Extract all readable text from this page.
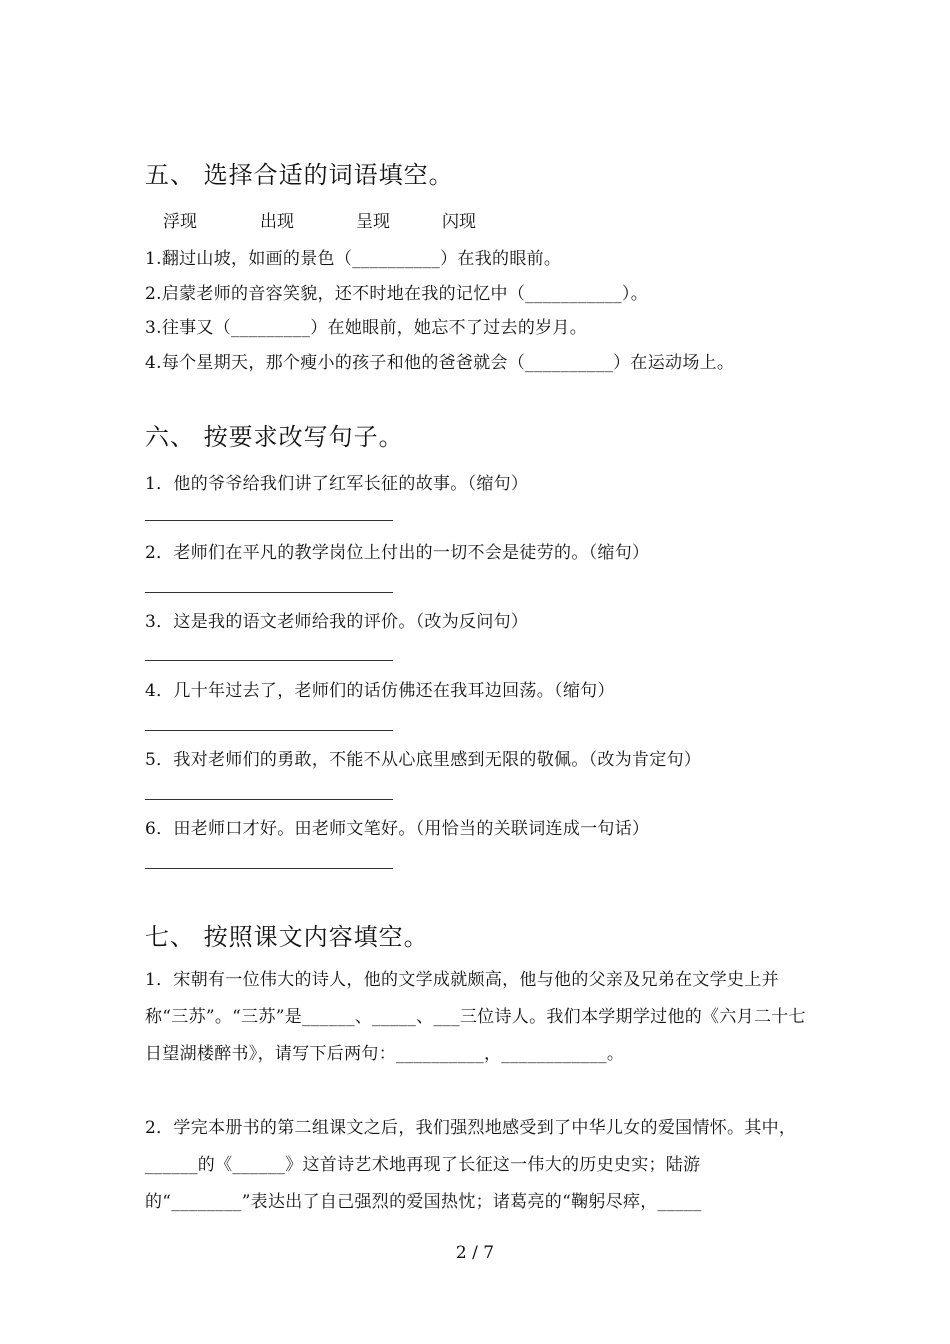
五、 选择合适的词语填空。
浮现	出现	呈现	闪现
1.翻过山坡，如画的景色（__________）在我的眼前。
2.启蒙老师的音容笑貌，还不时地在我的记忆中（___________）。
3.往事又（_________）在她眼前，她忘不了过去的岁月。
4.每个星期天，那个瘦小的孩子和他的爸爸就会（__________）在运动场上。
六、 按要求改写句子。
1．他的爷爷给我们讲了红军长征的故事。（缩句）
2．老师们在平凡的教学岗位上付出的一切不会是徒劳的。（缩句）
3．这是我的语文老师给我的评价。（改为反问句）
4．几十年过去了，老师们的话仿佛还在我耳边回荡。（缩句）
5．我对老师们的勇敢，不能不从心底里感到无限的敬佩。（改为肯定句）
6．田老师口才好。田老师文笔好。（用恰当的关联词连成一句话）
七、 按照课文内容填空。
1．宋朝有一位伟大的诗人，他的文学成就颇高，他与他的父亲及兄弟在文学史上并称“三苏”。“三苏”是______、_____、___三位诗人。我们本学期学过他的《六月二十七日望湖楼醉书》，请写下后两句：__________，____________。
2．学完本册书的第二组课文之后，我们强烈地感受到了中华儿女的爱国情怀。其中，______的《______》这首诗艺术地再现了长征这一伟大的历史史实；陆游的“________”表达出了自己强烈的爱国热忱；诸葛亮的“鞠躬尽瘁，_____
2 / 7
